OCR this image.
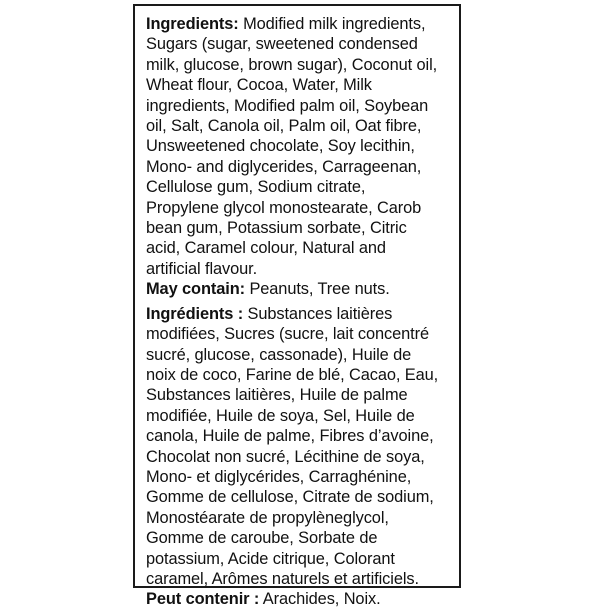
Ingredients: Modified milk ingredients,
Sugars (sugar, sweetened condensed
milk, glucose, brown sugar), Coconut oil,
Wheat flour, Cocoa, Water, Milk
ingredients, Modified palm oil, Soybean
oil, Salt, Canola oil, Palm oil, Oat fibre,
Unsweetened chocolate, Soy lecithin,
Mono- and diglycerides, Carrageenan,
Cellulose gum, Sodium citrate,
Propylene glycol monostearate, Carob
bean gum, Potassium sorbate, Citric
acid, Caramel colour, Natural and
artificial flavour.
May contain: Peanuts, Tree nuts.
Ingrédients : Substances laitières
modifiées, Sucres (sucre, lait concentré
sucré, glucose, cassonade), Huile de
noix de coco, Farine de blé, Cacao, Eau,
Substances laitières, Huile de palme
modifiée, Huile de soya, Sel, Huile de
canola, Huile de palme, Fibres d’avoine,
Chocolat non sucré, Lécithine de soya,
Mono- et diglycérides, Carraghénine,
Gomme de cellulose, Citrate de sodium,
Monostéarate de propylèneglycol,
Gomme de caroube, Sorbate de
potassium, Acide citrique, Colorant
caramel, Arômes naturels et artificiels.
Peut contenir : Arachides, Noix.
